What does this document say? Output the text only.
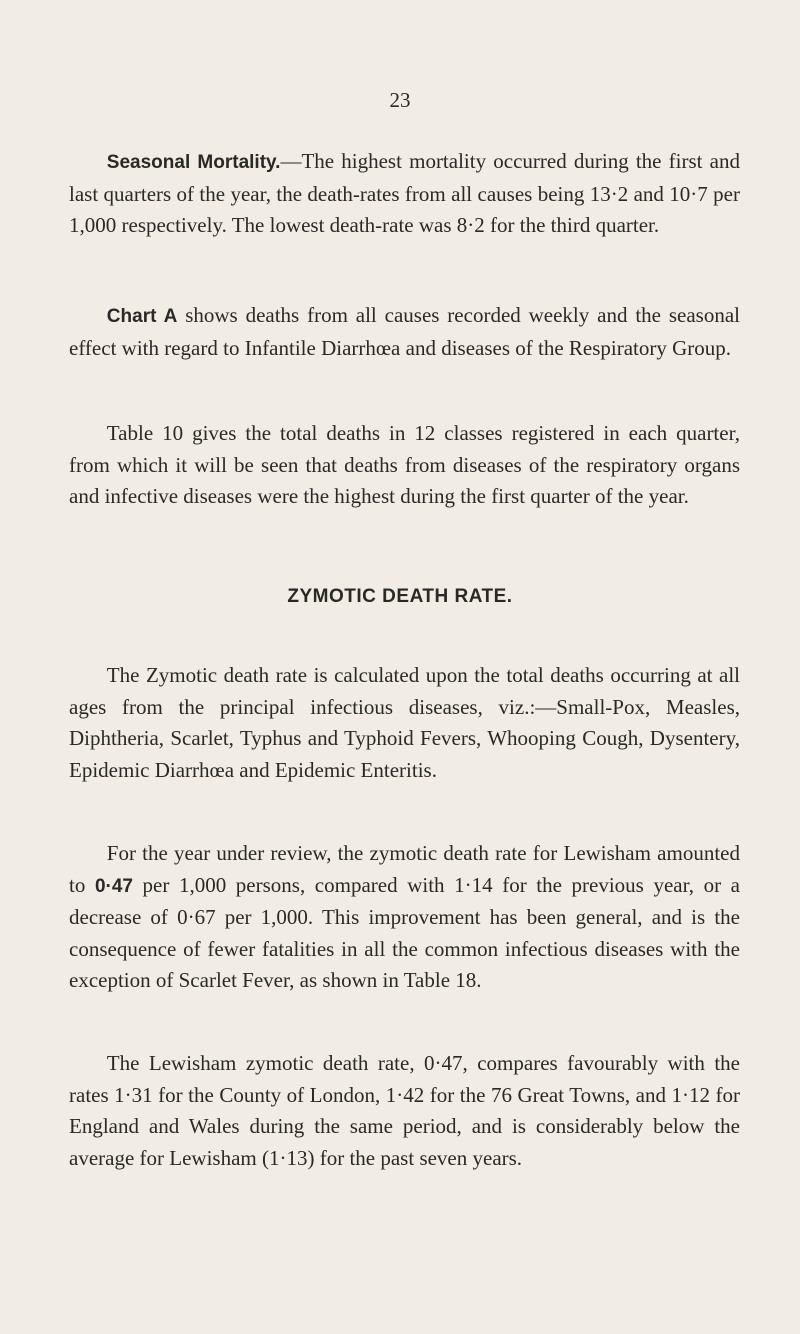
23

Seasonal Mortality.—The highest mortality occurred during the first and last quarters of the year, the death-rates from all causes being 13·2 and 10·7 per 1,000 respectively. The lowest death-rate was 8·2 for the third quarter.

Chart A shows deaths from all causes recorded weekly and the seasonal effect with regard to Infantile Diarrhœa and diseases of the Respiratory Group.

Table 10 gives the total deaths in 12 classes registered in each quarter, from which it will be seen that deaths from diseases of the respiratory organs and infective diseases were the highest during the first quarter of the year.

ZYMOTIC DEATH RATE.

The Zymotic death rate is calculated upon the total deaths occurring at all ages from the principal infectious diseases, viz.:—Small-Pox, Measles, Diphtheria, Scarlet, Typhus and Typhoid Fevers, Whooping Cough, Dysentery, Epidemic Diarrhœa and Epidemic Enteritis.

For the year under review, the zymotic death rate for Lewisham amounted to 0·47 per 1,000 persons, compared with 1·14 for the previous year, or a decrease of 0·67 per 1,000. This improvement has been general, and is the consequence of fewer fatalities in all the common infectious diseases with the exception of Scarlet Fever, as shown in Table 18.

The Lewisham zymotic death rate, 0·47, compares favourably with the rates 1·31 for the County of London, 1·42 for the 76 Great Towns, and 1·12 for England and Wales during the same period, and is considerably below the average for Lewisham (1·13) for the past seven years.
